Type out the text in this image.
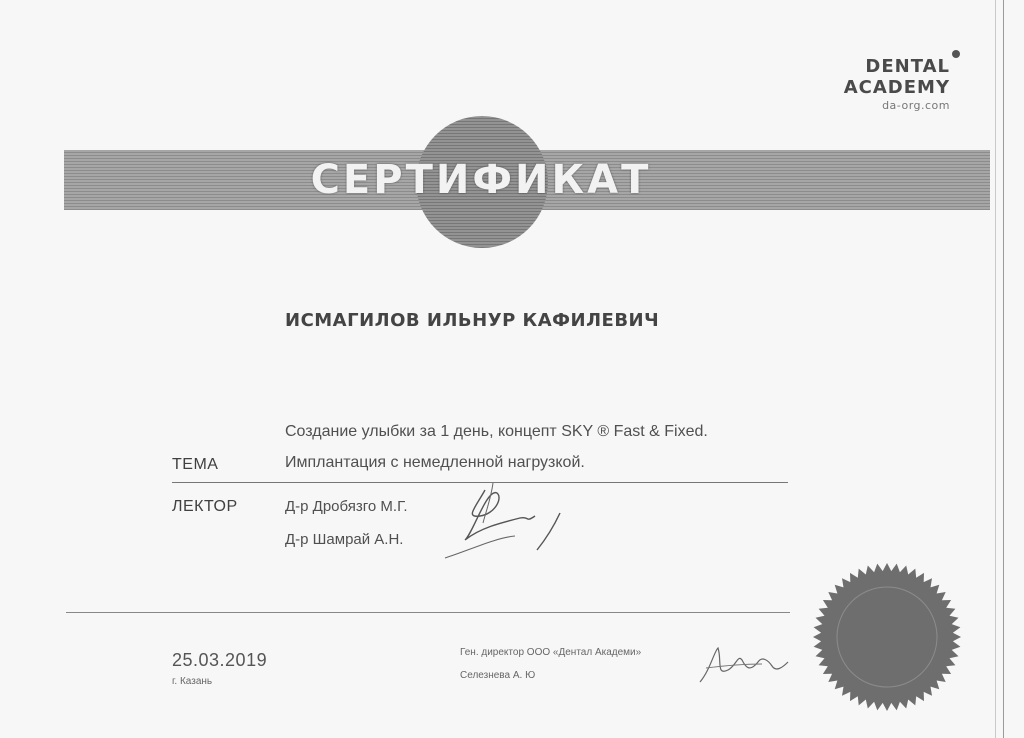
DENTAL
ACADEMY
da-org.com
СЕРТИФИКАТ
ИСМАГИЛОВ ИЛЬНУР КАФИЛЕВИЧ
Создание улыбки за 1 день, концепт SKY ® Fast & Fixed.
ТЕМА	Имплантация с немедленной нагрузкой.
ЛЕКТОР	Д-р Дробязго М.Г.
Д-р Шамрай А.Н.
25.03.2019
г. Казань
Ген. директор ООО «Дентал Академи»
Селезнева А. Ю
